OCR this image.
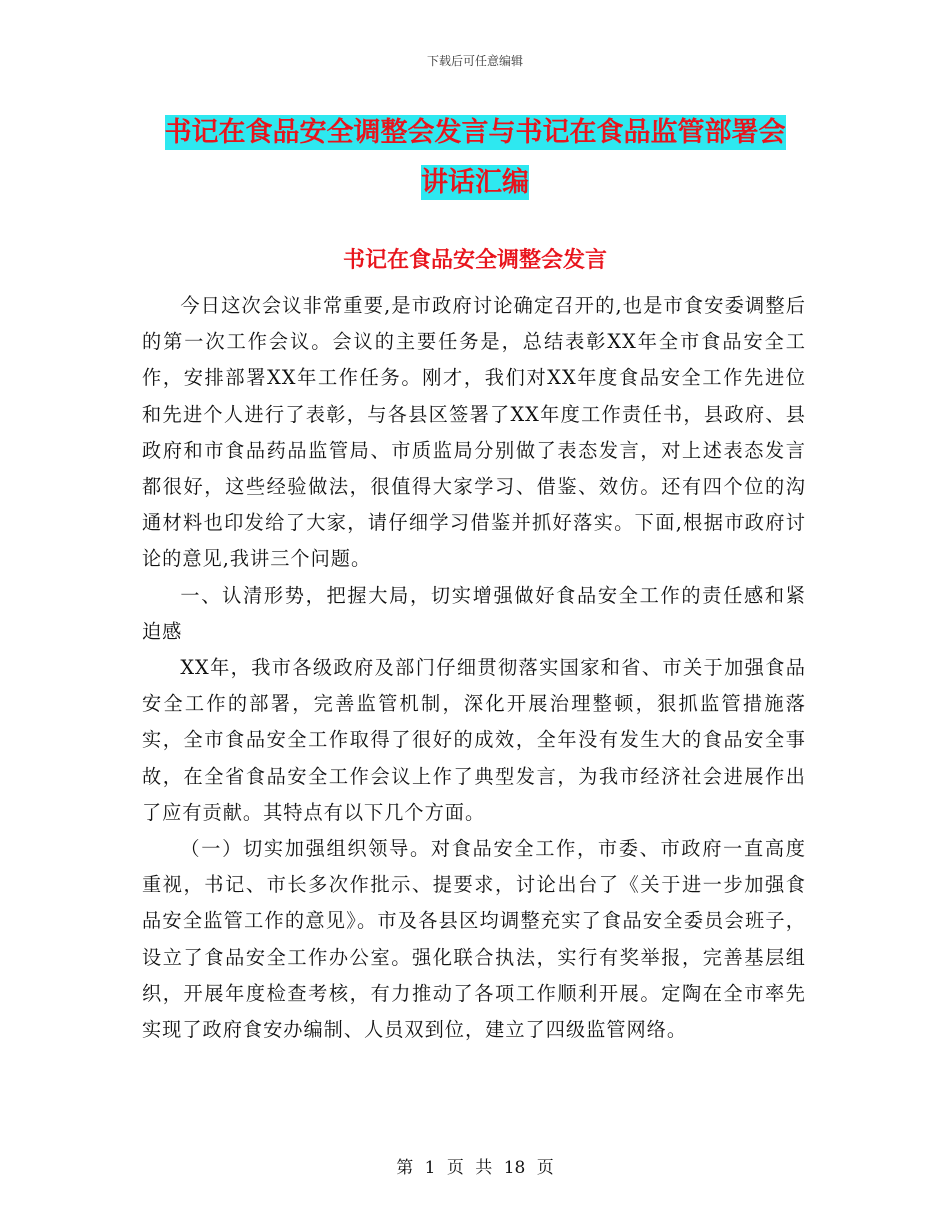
下载后可任意编辑
书记在食品安全调整会发言与书记在食品监管部署会
讲话汇编
书记在食品安全调整会发言

今日这次会议非常重要,是市政府讨论确定召开的,也是市食安委调整后的第一次工作会议。会议的主要任务是，总结表彰XX年全市食品安全工作，安排部署XX年工作任务。刚才，我们对XX年度食品安全工作先进位和先进个人进行了表彰，与各县区签署了XX年度工作责任书，县政府、县政府和市食品药品监管局、市质监局分别做了表态发言，对上述表态发言都很好，这些经验做法，很值得大家学习、借鉴、效仿。还有四个位的沟通材料也印发给了大家，请仔细学习借鉴并抓好落实。下面,根据市政府讨论的意见,我讲三个问题。

一、认清形势，把握大局，切实增强做好食品安全工作的责任感和紧迫感

XX年，我市各级政府及部门仔细贯彻落实国家和省、市关于加强食品安全工作的部署，完善监管机制，深化开展治理整顿，狠抓监管措施落实，全市食品安全工作取得了很好的成效，全年没有发生大的食品安全事故，在全省食品安全工作会议上作了典型发言，为我市经济社会进展作出了应有贡献。其特点有以下几个方面。

（一）切实加强组织领导。对食品安全工作，市委、市政府一直高度重视，书记、市长多次作批示、提要求，讨论出台了《关于进一步加强食品安全监管工作的意见》。市及各县区均调整充实了食品安全委员会班子，设立了食品安全工作办公室。强化联合执法，实行有奖举报，完善基层组织，开展年度检查考核，有力推动了各项工作顺利开展。定陶在全市率先实现了政府食安办编制、人员双到位，建立了四级监管网络。

第 1 页 共 18 页
